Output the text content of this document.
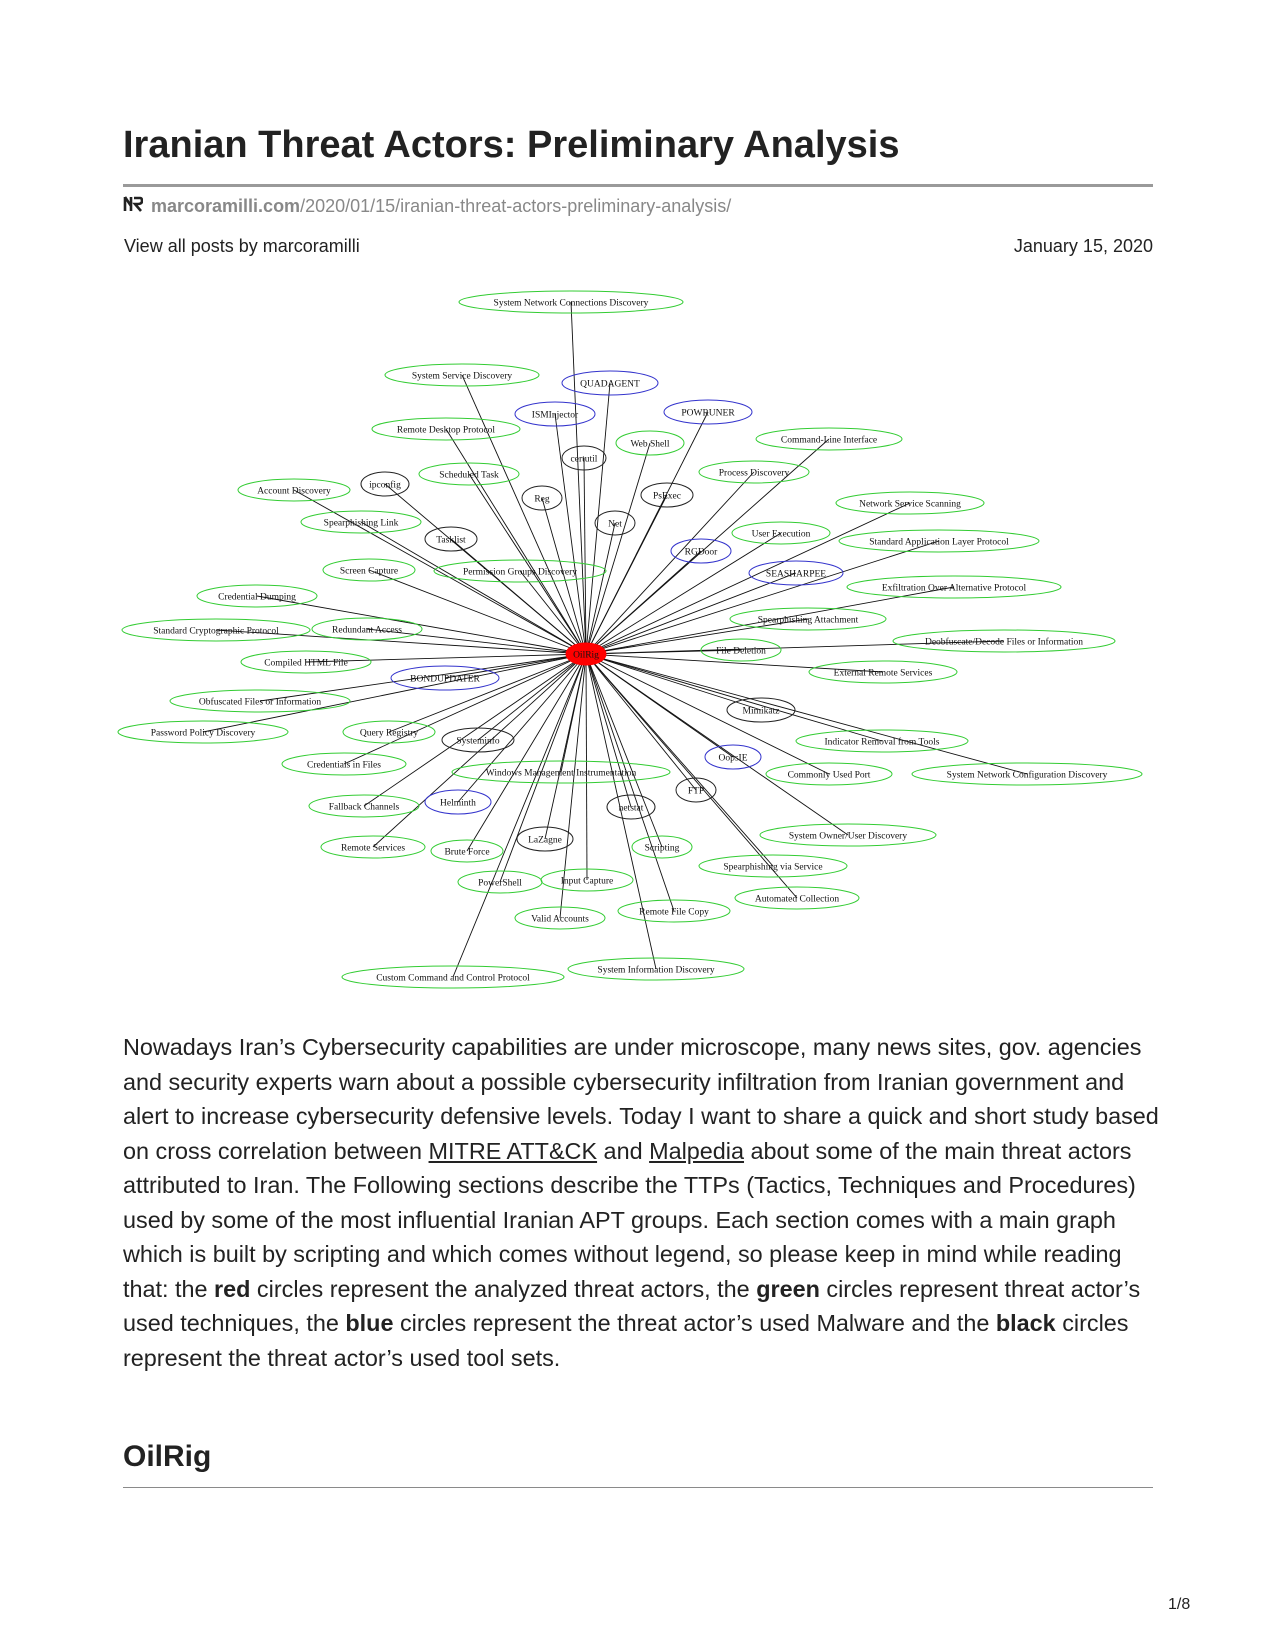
Iranian Threat Actors: Preliminary Analysis
marcoramilli.com/2020/01/15/iranian-threat-actors-preliminary-analysis/
View all posts by marcoramilli	January 15, 2020
System Network Connections Discovery
System Service Discovery
QUADAGENT
ISMInjector	POWRUNER
Remote Desktop Protocol
Web Shell	Command-Line Interface
certutil
Scheduled Task	Process Discovery
ipconfig
Account Discovery
Reg	PsExec
Network Service Scanning
Spearphishing Link	Net
User Execution
Tasklist	Standard Application Layer Protocol
RGDoor
Screen Capture	Permission Groups Discovery	SEASHARPEE
Credential Dumping
Exfiltration Over Alternative Protocol
Spearphishing Attachment
Standard Cryptographic Protocol	Redundant Access
Deobfuscate/Decode Files or Information
File Deletion
Compiled HTML File
External Remote Services
BONDUPDATER
Obfuscated Files or Information
Mimikatz
Password Policy Discovery	Query Registry
Systeminfo	Indicator Removal from Tools
OopsIE
Credentials in Files
Windows Management Instrumentation	Commonly Used Port	System Network Configuration Discovery
FTP
Fallback Channels	Helminth	netstat
System Owner/User Discovery
LaZagne
Remote Services	Brute Force	Scripting
Spearphishing via Service
PowerShell	Input Capture
Automated Collection
Remote File Copy
Valid Accounts
System Information Discovery
Custom Command and Control Protocol
OilRig

Nowadays Iran’s Cybersecurity capabilities are under microscope, many news sites, gov. agencies and security experts warn about a possible cybersecurity infiltration from Iranian government and alert to increase cybersecurity defensive levels. Today I want to share a quick and short study based on cross correlation between MITRE ATT&CK and Malpedia about some of the main threat actors attributed to Iran. The Following sections describe the TTPs (Tactics, Techniques and Procedures) used by some of the most influential Iranian APT groups. Each section comes with a main graph which is built by scripting and which comes without legend, so please keep in mind while reading that: the red circles represent the analyzed threat actors, the green circles represent threat actor’s used techniques, the blue circles represent the threat actor’s used Malware and the black circles represent the threat actor’s used tool sets.

OilRig
1/8
